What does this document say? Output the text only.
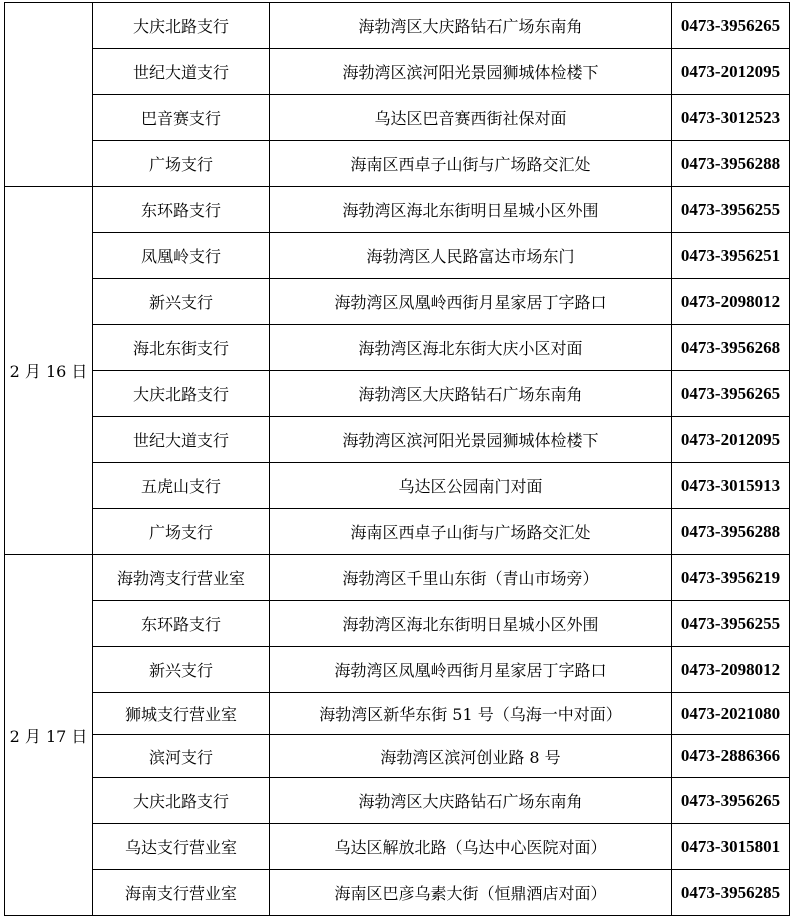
	大庆北路支行	海勃湾区大庆路钻石广场东南角	0473-3956265
	世纪大道支行	海勃湾区滨河阳光景园狮城体检楼下	0473-2012095
	巴音赛支行	乌达区巴音赛西街社保对面	0473-3012523
	广场支行	海南区西卓子山街与广场路交汇处	0473-3956288
2 月 16 日	东环路支行	海勃湾区海北东街明日星城小区外围	0473-3956255
	凤凰岭支行	海勃湾区人民路富达市场东门	0473-3956251
	新兴支行	海勃湾区凤凰岭西街月星家居丁字路口	0473-2098012
	海北东街支行	海勃湾区海北东街大庆小区对面	0473-3956268
	大庆北路支行	海勃湾区大庆路钻石广场东南角	0473-3956265
	世纪大道支行	海勃湾区滨河阳光景园狮城体检楼下	0473-2012095
	五虎山支行	乌达区公园南门对面	0473-3015913
	广场支行	海南区西卓子山街与广场路交汇处	0473-3956288
2 月 17 日	海勃湾支行营业室	海勃湾区千里山东街（青山市场旁）	0473-3956219
	东环路支行	海勃湾区海北东街明日星城小区外围	0473-3956255
	新兴支行	海勃湾区凤凰岭西街月星家居丁字路口	0473-2098012
	狮城支行营业室	海勃湾区新华东街 51 号（乌海一中对面）	0473-2021080
	滨河支行	海勃湾区滨河创业路 8 号	0473-2886366
	大庆北路支行	海勃湾区大庆路钻石广场东南角	0473-3956265
	乌达支行营业室	乌达区解放北路（乌达中心医院对面）	0473-3015801
	海南支行营业室	海南区巴彦乌素大街（恒鼎酒店对面）	0473-3956285
